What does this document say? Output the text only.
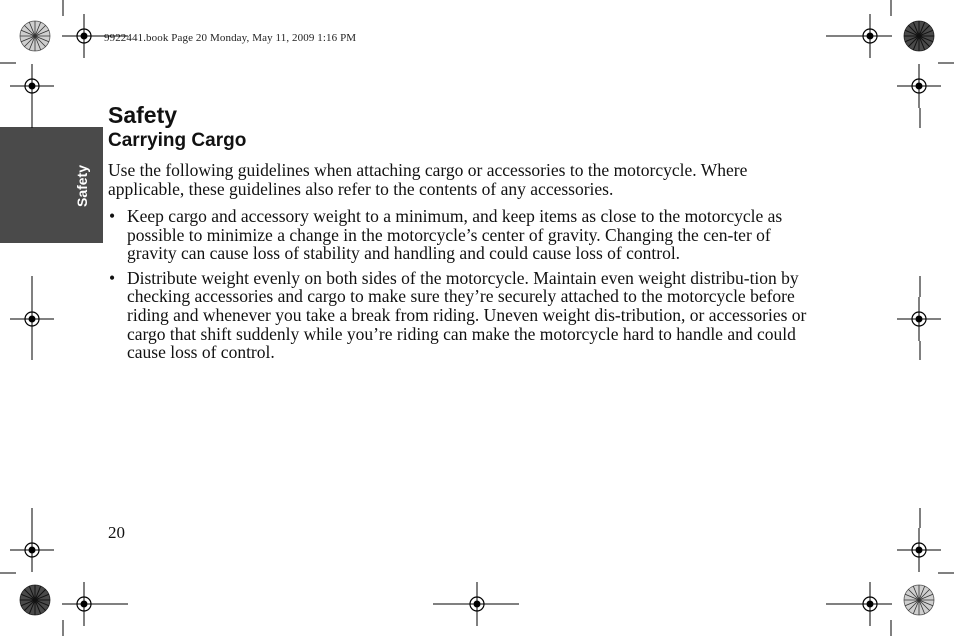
9922441.book Page 20 Monday, May 11, 2009 1:16 PM
Safety
Safety
Carrying Cargo

Use the following guidelines when attaching cargo or accessories to the motorcycle. Where applicable, these guidelines also refer to the contents of any accessories.

• Keep cargo and accessory weight to a minimum, and keep items as close to the motorcycle as possible to minimize a change in the motorcycle’s center of gravity. Changing the cen-ter of gravity can cause loss of stability and handling and could cause loss of control.
• Distribute weight evenly on both sides of the motorcycle. Maintain even weight distribu-tion by checking accessories and cargo to make sure they’re securely attached to the motorcycle before riding and whenever you take a break from riding. Uneven weight dis-tribution, or accessories or cargo that shift suddenly while you’re riding can make the motorcycle hard to handle and could cause loss of control.
20
